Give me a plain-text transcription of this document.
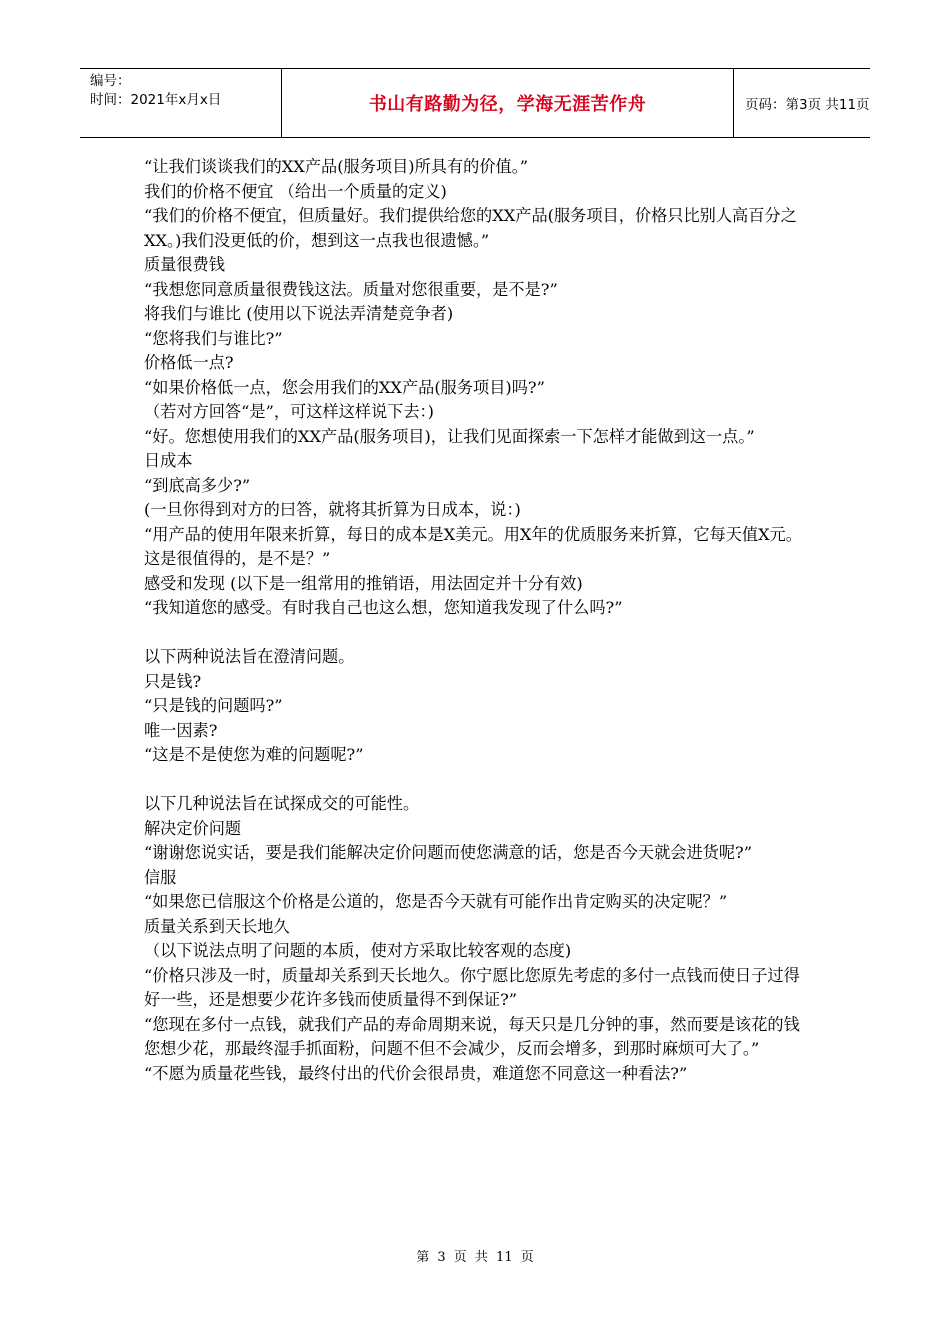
编号：
时间：2021年x月x日	书山有路勤为径，学海无涯苦作舟	页码：第3页 共11页

“让我们谈谈我们的XX产品(服务项目)所具有的价值。”

我们的价格不便宜 （给出一个质量的定义)

“我们的价格不便宜，但质量好。我们提供给您的XX产品(服务项目，价格只比别人高百分之XX。)我们没更低的价，想到这一点我也很遗憾。”

质量很费钱

“我想您同意质量很费钱这法。质量对您很重要，是不是?”

将我们与谁比 (使用以下说法弄清楚竞争者)

“您将我们与谁比?”

价格低一点?

“如果价格低一点，您会用我们的XX产品(服务项目)吗?”

（若对方回答“是”，可这样这样说下去：)

“好。您想使用我们的XX产品(服务项目)，让我们见面探索一下怎样才能做到这一点。”

日成本

“到底高多少?”

(一旦你得到对方的曰答，就将其折算为日成本，说：)

“用产品的使用年限来折算，每日的成本是X美元。用X年的优质服务来折算，它每天值X元。这是很值得的，是不是？”

感受和发现 (以下是一组常用的推销语，用法固定并十分有效)

“我知道您的感受。有时我自己也这么想，您知道我发现了什么吗?”

以下两种说法旨在澄清问题。

只是钱?

“只是钱的问题吗?”

唯一因素?

“这是不是使您为难的问题呢?”

以下几种说法旨在试探成交的可能性。

解决定价问题

“谢谢您说实话，要是我们能解决定价问题而使您满意的话，您是否今天就会进货呢?”

信服

“如果您已信服这个价格是公道的，您是否今天就有可能作出肯定购买的决定呢？”

质量关系到天长地久

（以下说法点明了问题的本质，使对方采取比较客观的态度)

“价格只涉及一时，质量却关系到天长地久。你宁愿比您原先考虑的多付一点钱而使日子过得好一些，还是想要少花许多钱而使质量得不到保证?”

“您现在多付一点钱，就我们产品的寿命周期来说，每天只是几分钟的事，然而要是该花的钱您想少花，那最终湿手抓面粉，问题不但不会减少，反而会增多，到那时麻烦可大了。”

“不愿为质量花些钱，最终付出的代价会很昂贵，难道您不同意这一种看法?”

第 3 页 共 11 页
